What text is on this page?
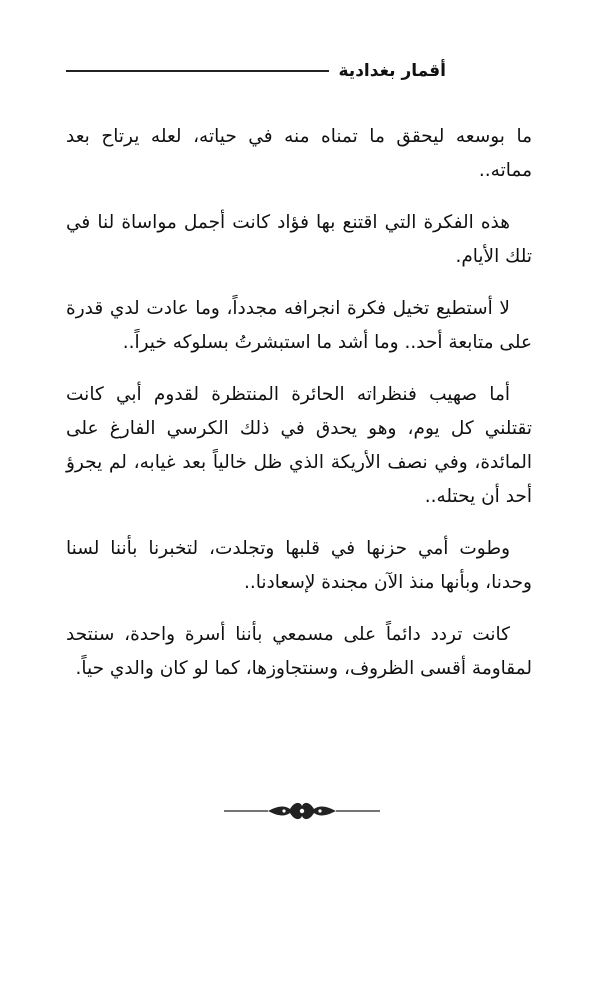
أقمار بغدادية

ما بوسعه ليحقق ما تمناه منه في حياته، لعله يرتاح بعد مماته..

هذه الفكرة التي اقتنع بها فؤاد كانت أجمل مواساة لنا في تلك الأيام.

لا أستطيع تخيل فكرة انجرافه مجدداً، وما عادت لدي قدرة على متابعة أحد.. وما أشد ما استبشرتُ بسلوكه خيراً..

أما صهيب فنظراته الحائرة المنتظرة لقدوم أبي كانت تقتلني كل يوم، وهو يحدق في ذلك الكرسي الفارغ على المائدة، وفي نصف الأريكة الذي ظل خالياً بعد غيابه، لم يجرؤ أحد أن يحتله..

وطوت أمي حزنها في قلبها وتجلدت، لتخبرنا بأننا لسنا وحدنا، وبأنها منذ الآن مجندة لإسعادنا..

كانت تردد دائماً على مسمعي بأننا أسرة واحدة، سنتحد لمقاومة أقسى الظروف، وسنتجاوزها، كما لو كان والدي حياً.
